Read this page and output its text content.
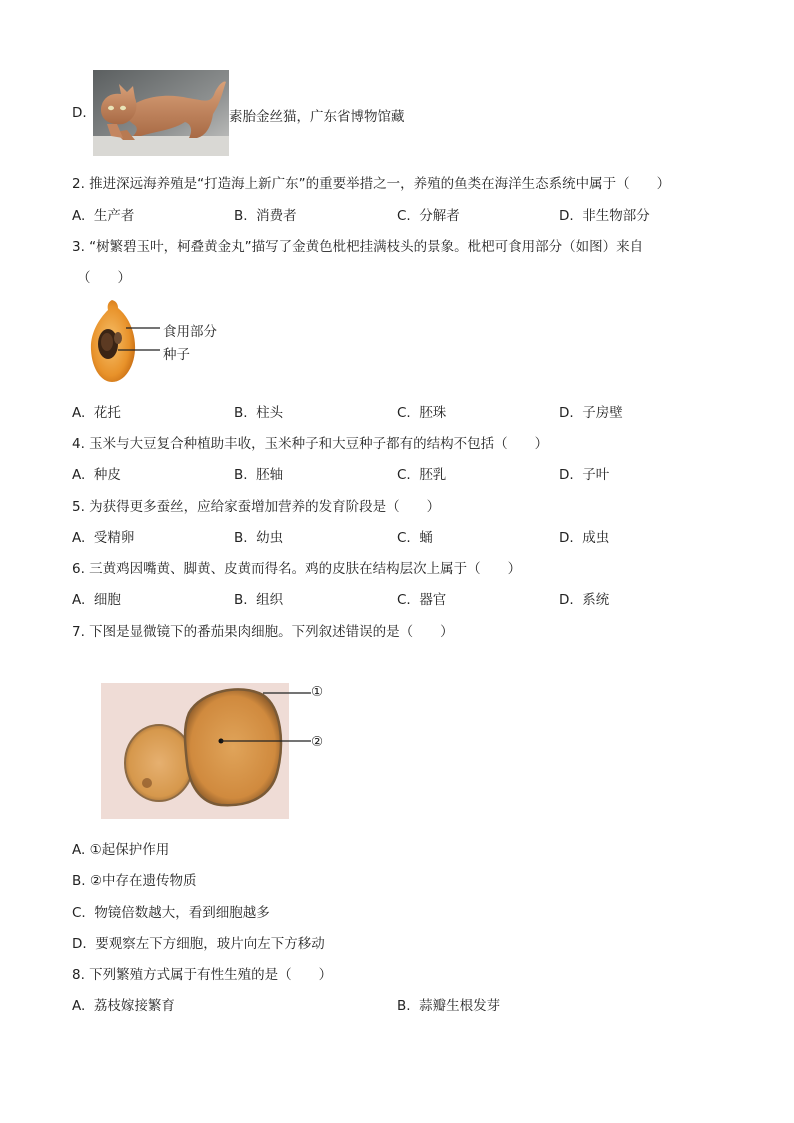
D.	素胎金丝猫，广东省博物馆藏
2. 推进深远海养殖是“打造海上新广东”的重要举措之一，养殖的鱼类在海洋生态系统中属于（　　）
A. 生产者	B. 消费者	C. 分解者	D. 非生物部分
3. “树繁碧玉叶，柯叠黄金丸”描写了金黄色枇杷挂满枝头的景象。枇杷可食用部分（如图）来自
（　　）
食用部分
种子
A. 花托	B. 柱头	C. 胚珠	D. 子房壁
4. 玉米与大豆复合种植助丰收，玉米种子和大豆种子都有的结构不包括（　　）
A. 种皮	B. 胚轴	C. 胚乳	D. 子叶
5. 为获得更多蚕丝，应给家蚕增加营养的发育阶段是（　　）
A. 受精卵	B. 幼虫	C. 蛹	D. 成虫
6. 三黄鸡因嘴黄、脚黄、皮黄而得名。鸡的皮肤在结构层次上属于（　　）
A. 细胞	B. 组织	C. 器官	D. 系统
7. 下图是显微镜下的番茄果肉细胞。下列叙述错误的是（　　）
①
②
A. ①起保护作用
B. ②中存在遗传物质
C. 物镜倍数越大，看到细胞越多
D. 要观察左下方细胞，玻片向左下方移动
8. 下列繁殖方式属于有性生殖的是（　　）
A. 荔枝嫁接繁育	B. 蒜瓣生根发芽
